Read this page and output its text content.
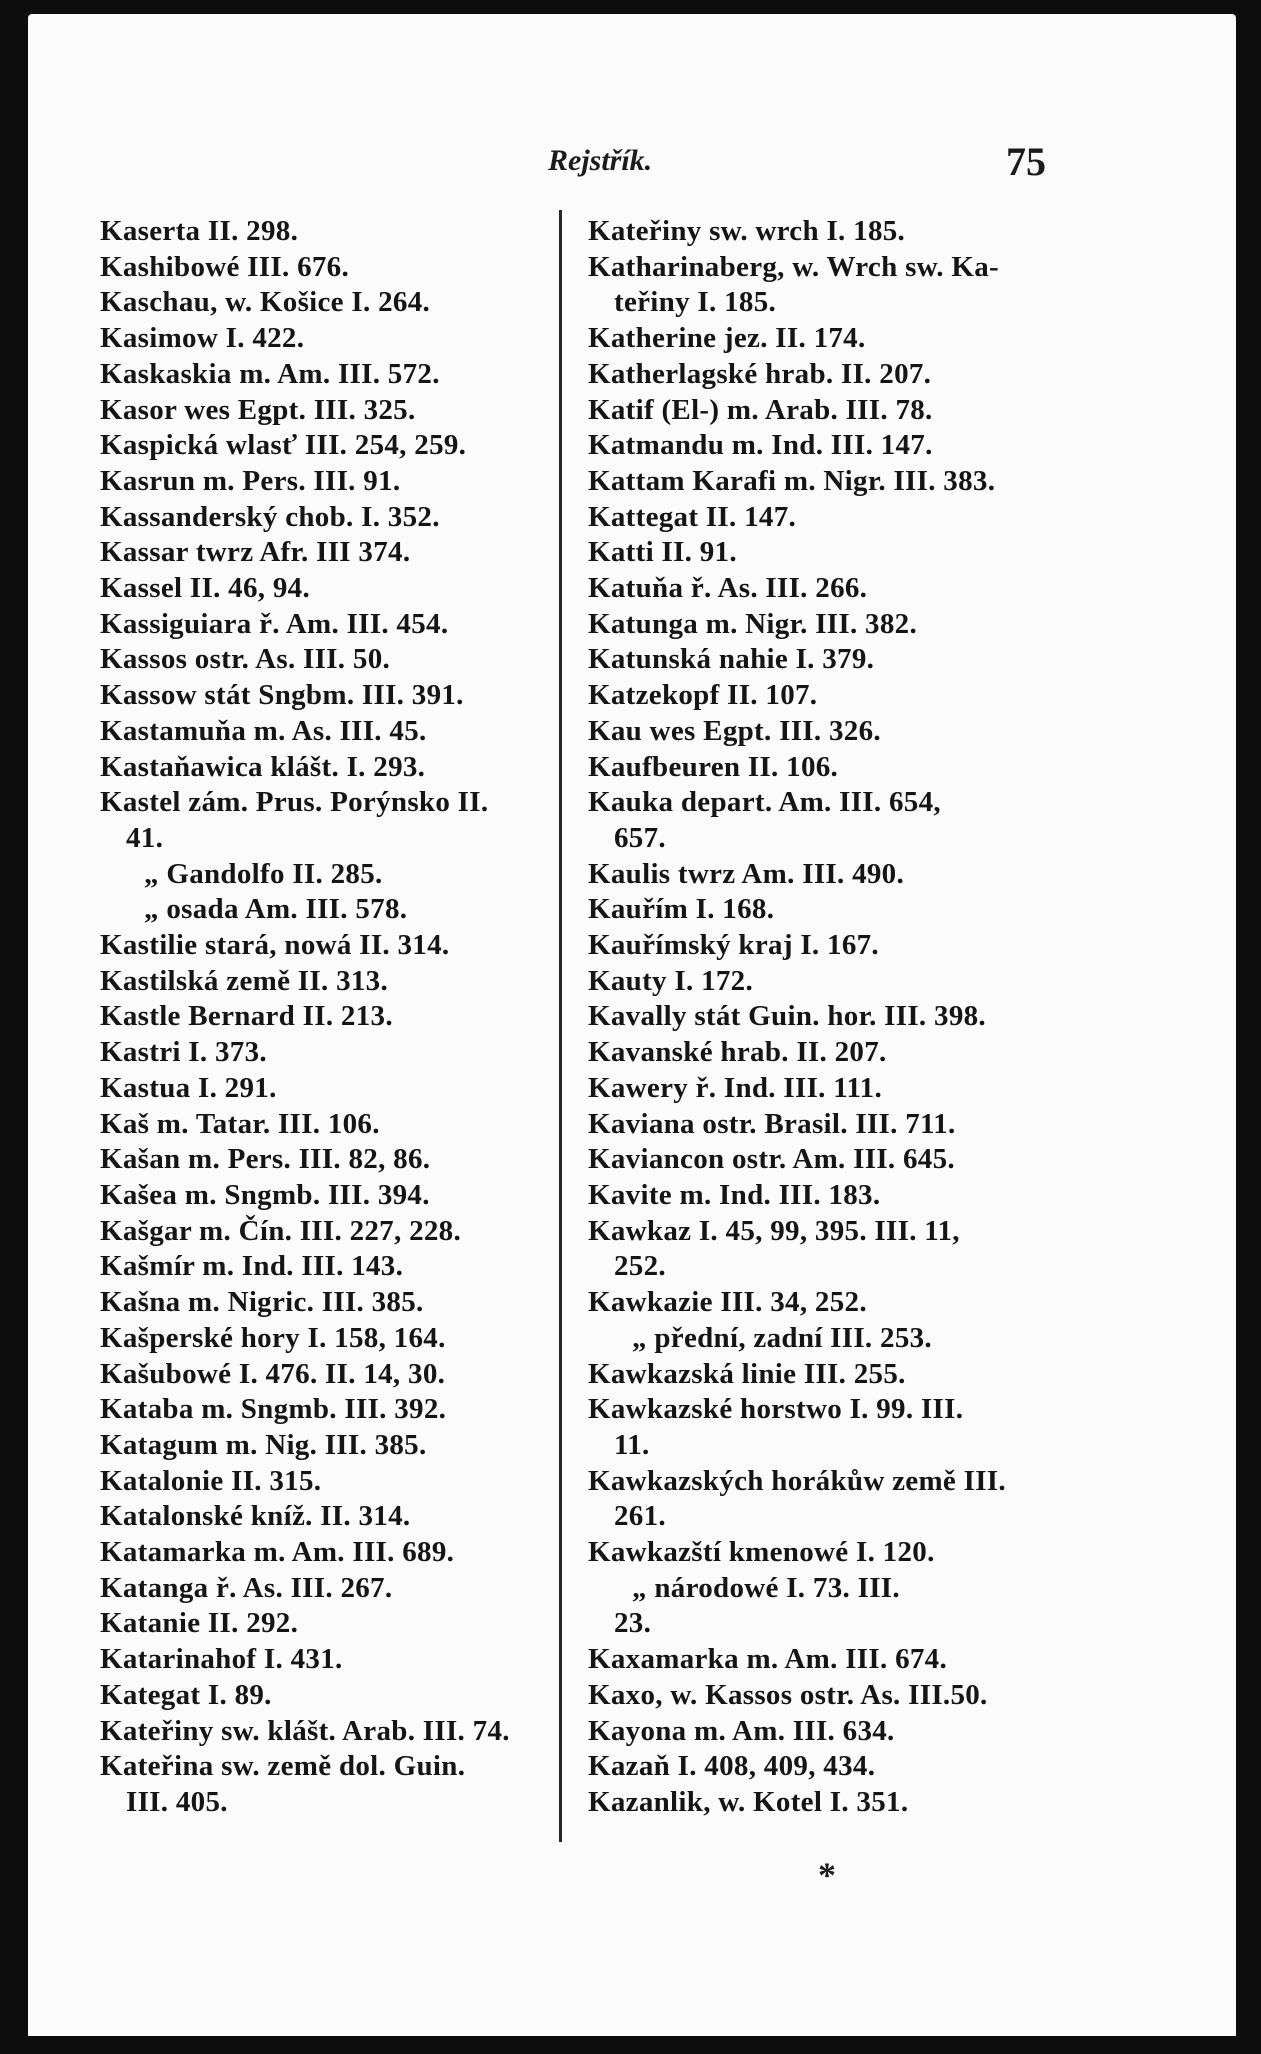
Rejstřík.	75
Kaserta II. 298.
Kashibowé III. 676.
Kaschau, w. Košice I. 264.
Kasimow I. 422.
Kaskaskia m. Am. III. 572.
Kasor wes Egpt. III. 325.
Kaspická wlasť III. 254, 259.
Kasrun m. Pers. III. 91.
Kassanderský chob. I. 352.
Kassar twrz Afr. III 374.
Kassel II. 46, 94.
Kassiguiara ř. Am. III. 454.
Kassos ostr. As. III. 50.
Kassow stát Sngbm. III. 391.
Kastamuňa m. As. III. 45.
Kastaňawica klášt. I. 293.
Kastel zám. Prus. Porýnsko II.
41.
„ Gandolfo II. 285.
„ osada Am. III. 578.
Kastilie stará, nowá II. 314.
Kastilská země II. 313.
Kastle Bernard II. 213.
Kastri I. 373.
Kastua I. 291.
Kaš m. Tatar. III. 106.
Kašan m. Pers. III. 82, 86.
Kašea m. Sngmb. III. 394.
Kašgar m. Čín. III. 227, 228.
Kašmír m. Ind. III. 143.
Kašna m. Nigric. III. 385.
Kašperské hory I. 158, 164.
Kašubowé I. 476. II. 14, 30.
Kataba m. Sngmb. III. 392.
Katagum m. Nig. III. 385.
Katalonie II. 315.
Katalonské kníž. II. 314.
Katamarka m. Am. III. 689.
Katanga ř. As. III. 267.
Katanie II. 292.
Katarinahof I. 431.
Kategat I. 89.
Kateřiny sw. klášt. Arab. III. 74.
Kateřina sw. země dol. Guin.
III. 405.
Kateřiny sw. wrch I. 185.
Katharinaberg, w. Wrch sw. Ka-
teřiny I. 185.
Katherine jez. II. 174.
Katherlagské hrab. II. 207.
Katif (El-) m. Arab. III. 78.
Katmandu m. Ind. III. 147.
Kattam Karafi m. Nigr. III. 383.
Kattegat II. 147.
Katti II. 91.
Katuňa ř. As. III. 266.
Katunga m. Nigr. III. 382.
Katunská nahie I. 379.
Katzekopf II. 107.
Kau wes Egpt. III. 326.
Kaufbeuren II. 106.
Kauka depart. Am. III. 654,
657.
Kaulis twrz Am. III. 490.
Kauřím I. 168.
Kauřímský kraj I. 167.
Kauty I. 172.
Kavally stát Guin. hor. III. 398.
Kavanské hrab. II. 207.
Kawery ř. Ind. III. 111.
Kaviana ostr. Brasil. III. 711.
Kaviancon ostr. Am. III. 645.
Kavite m. Ind. III. 183.
Kawkaz I. 45, 99, 395. III. 11,
252.
Kawkazie III. 34, 252.
„ přední, zadní III. 253.
Kawkazská linie III. 255.
Kawkazské horstwo I. 99. III.
11.
Kawkazských horákůw země III.
261.
Kawkazští kmenowé I. 120.
„ národowé I. 73. III.
23.
Kaxamarka m. Am. III. 674.
Kaxo, w. Kassos ostr. As. III.50.
Kayona m. Am. III. 634.
Kazaň I. 408, 409, 434.
Kazanlik, w. Kotel I. 351.
*
